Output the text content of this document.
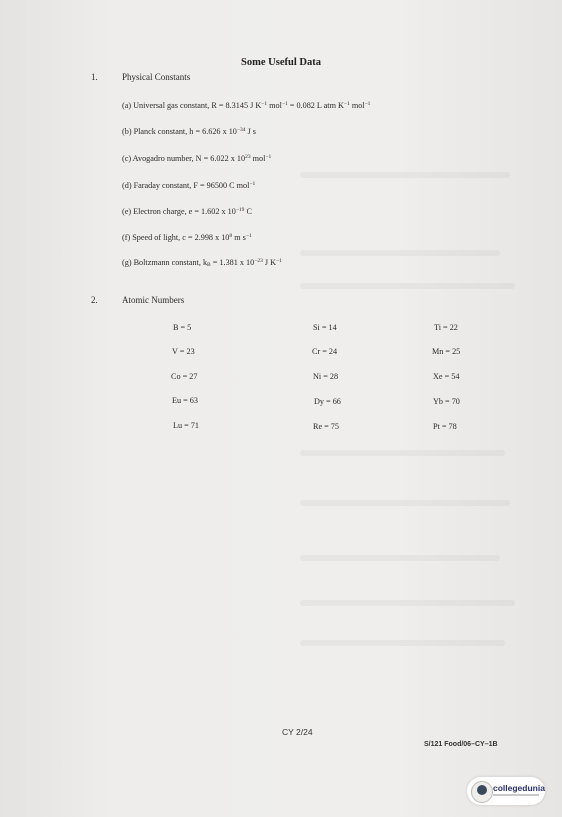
Some Useful Data
1.	Physical Constants
(a) Universal gas constant, R = 8.3145 J $K^{-1}$ mol$^{-1}$ = 0.082 L atm $K^{-1}$ mol$^{-1}$
(b) Planck constant, h = 6.626 x $10^{-34}$ J s
(c) Avogadro number, N = 6.022 x $10^{23}$ mol$^{-1}$
(d) Faraday constant, F = 96500 C mol$^{-1}$
(e) Electron charge, e = 1.602 x $10^{-19}$ C
(f) Speed of light, c = 2.998 x $10^8$ m $s^{-1}$
(g) Boltzmann constant, $k_B = 1.381$ x $10^{-23}$ J $K^{-1}$
2.	Atomic Numbers
B = 5	Si = 14	Ti = 22
V = 23	Cr = 24	Mn = 25
Co = 27	Ni = 28	Xe = 54
Eu = 63	Dy = 66	Yb = 70
Lu = 71	Re = 75	Pt = 78
CY 2/24
S/121 Food/06–CY–1B
collegedunia
